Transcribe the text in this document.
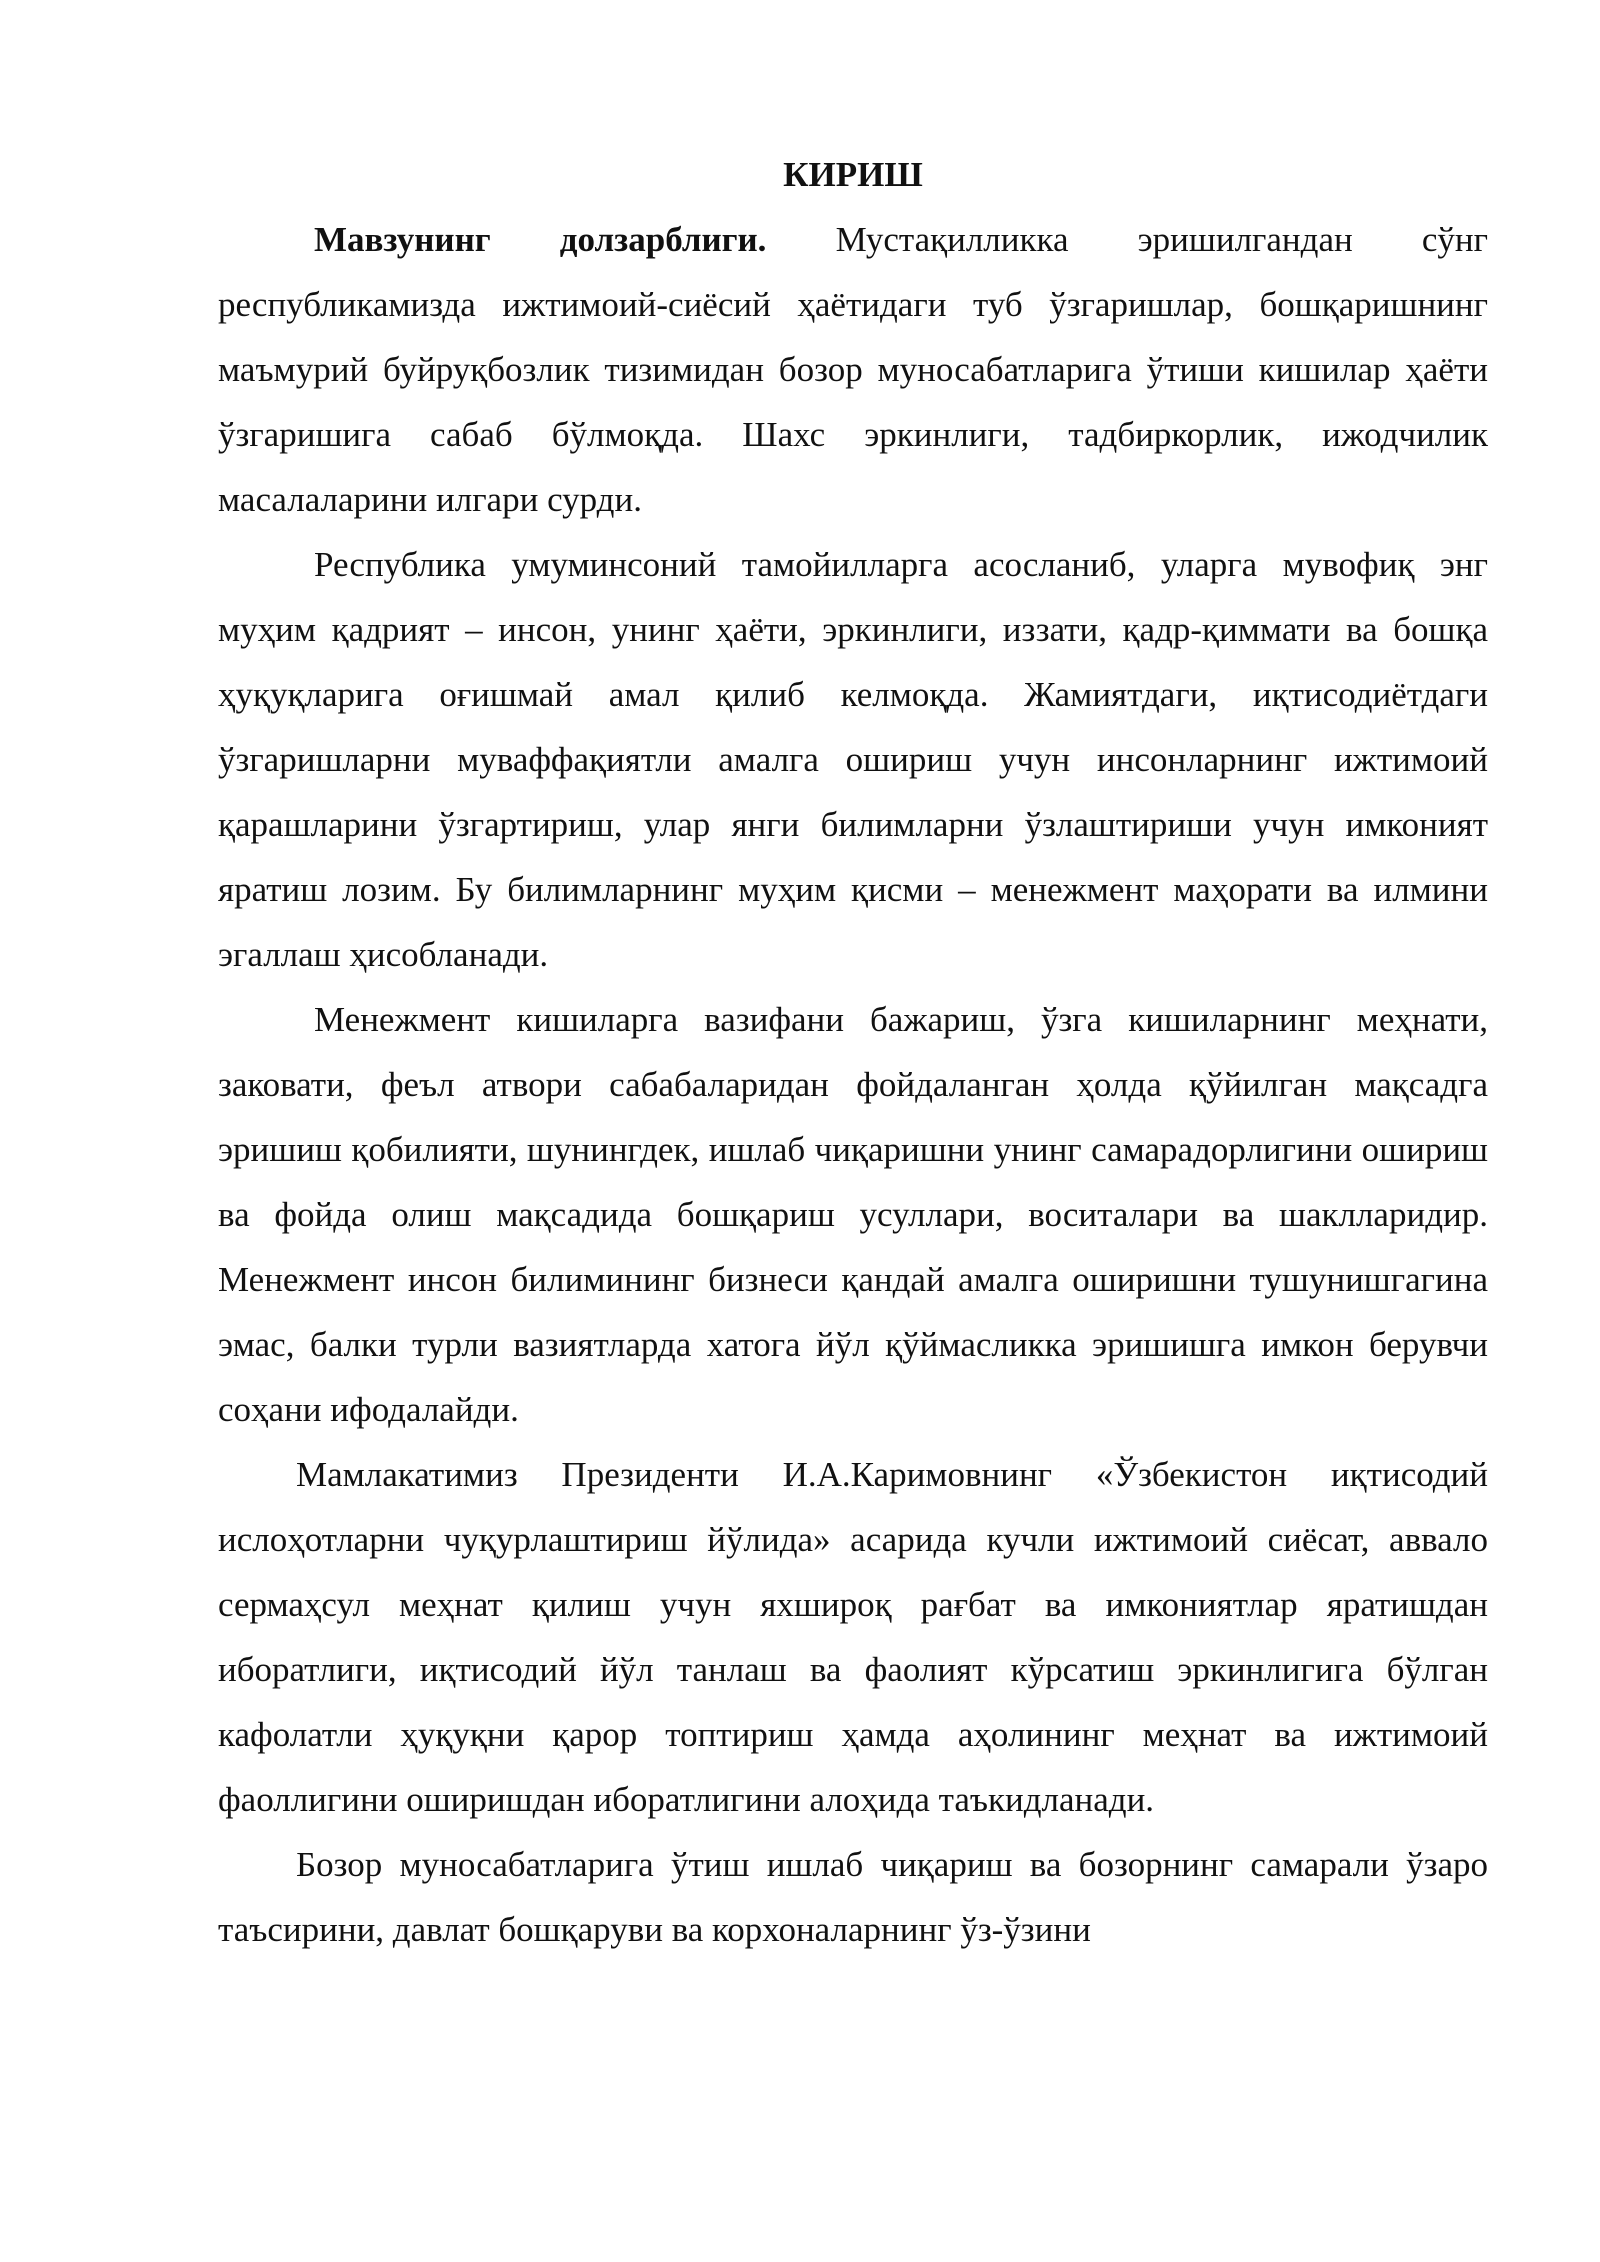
КИРИШ

Мавзунинг долзарблиги. Мустақилликка эришилгандан сўнг республикамизда ижтимоий-сиёсий ҳаётидаги туб ўзгаришлар, бошқаришнинг маъмурий буйруқбозлик тизимидан бозор муносабатларига ўтиши кишилар ҳаёти ўзгаришига сабаб бўлмоқда. Шахс эркинлиги, тадбиркорлик, ижодчилик масалаларини илгари сурди.

Республика умуминсоний тамойилларга асосланиб, уларга мувофиқ энг муҳим қадрият – инсон, унинг ҳаёти, эркинлиги, иззати, қадр-қиммати ва бошқа ҳуқуқларига оғишмай амал қилиб келмоқда. Жамиятдаги, иқтисодиётдаги ўзгаришларни муваффақиятли амалга ошириш учун инсонларнинг ижтимоий қарашларини ўзгартириш, улар янги билимларни ўзлаштириши учун имконият яратиш лозим. Бу билимларнинг муҳим қисми – менежмент маҳорати ва илмини эгаллаш ҳисобланади.

Менежмент кишиларга вазифани бажариш, ўзга кишиларнинг меҳнати, заковати, феъл атвори сабабаларидан фойдаланган ҳолда қўйилган мақсадга эришиш қобилияти, шунингдек, ишлаб чиқаришни унинг самарадорлигини ошириш ва фойда олиш мақсадида бошқариш усуллари, воситалари ва шаклларидир. Менежмент инсон билимининг бизнеси қандай амалга оширишни тушунишгагина эмас, балки турли вазиятларда хатога йўл қўймасликка эришишга имкон берувчи соҳани ифодалайди.

Мамлакатимиз Президенти И.А.Каримовнинг «Ўзбекистон иқтисодий ислоҳотларни чуқурлаштириш йўлида» асарида кучли ижтимоий сиёсат, аввало сермаҳсул меҳнат қилиш учун яхшироқ рағбат ва имкониятлар яратишдан иборатлиги, иқтисодий йўл танлаш ва фаолият кўрсатиш эркинлигига бўлган кафолатли ҳуқуқни қарор топтириш ҳамда аҳолининг меҳнат ва ижтимоий фаоллигини оширишдан иборатлигини алоҳида таъкидланади.

Бозор муносабатларига ўтиш ишлаб чиқариш ва бозорнинг самарали ўзаро таъсирини, давлат бошқаруви ва корхоналарнинг ўз-ўзини
